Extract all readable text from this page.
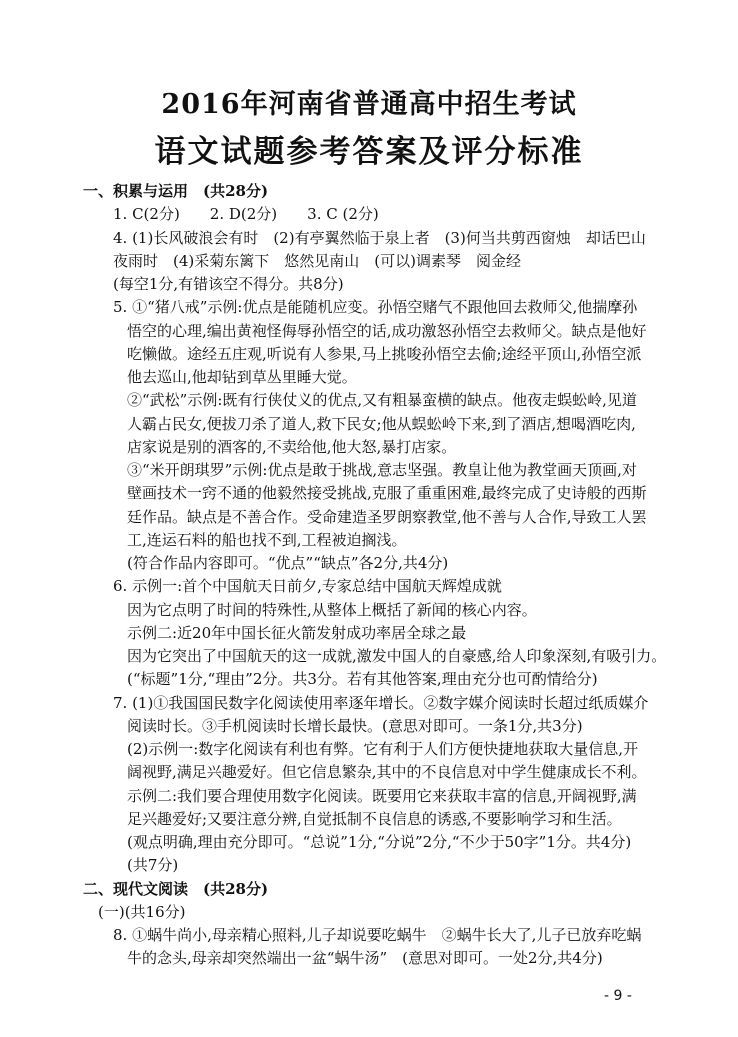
2016年河南省普通高中招生考试
语文试题参考答案及评分标准
一、积累与运用　(共28分)
1. C(2分)　　2. D(2分)　　3. C (2分)
4. (1)长风破浪会有时　(2)有亭翼然临于泉上者　(3)何当共剪西窗烛　却话巴山
夜雨时　(4)采菊东篱下　悠然见南山　(可以)调素琴　阅金经
(每空1分,有错该空不得分。共8分)
5. ①“猪八戒”示例:优点是能随机应变。孙悟空赌气不跟他回去救师父,他揣摩孙
悟空的心理,编出黄袍怪侮辱孙悟空的话,成功激怒孙悟空去救师父。缺点是他好
吃懒做。途经五庄观,听说有人参果,马上挑唆孙悟空去偷;途经平顶山,孙悟空派
他去巡山,他却钻到草丛里睡大觉。
②“武松”示例:既有行侠仗义的优点,又有粗暴蛮横的缺点。他夜走蜈蚣岭,见道
人霸占民女,便拔刀杀了道人,救下民女;他从蜈蚣岭下来,到了酒店,想喝酒吃肉,
店家说是别的酒客的,不卖给他,他大怒,暴打店家。
③“米开朗琪罗”示例:优点是敢于挑战,意志坚强。教皇让他为教堂画天顶画,对
壁画技术一窍不通的他毅然接受挑战,克服了重重困难,最终完成了史诗般的西斯
廷作品。缺点是不善合作。受命建造圣罗朗察教堂,他不善与人合作,导致工人罢
工,连运石料的船也找不到,工程被迫搁浅。
(符合作品内容即可。“优点”“缺点”各2分,共4分)
6. 示例一:首个中国航天日前夕,专家总结中国航天辉煌成就
因为它点明了时间的特殊性,从整体上概括了新闻的核心内容。
示例二:近20年中国长征火箭发射成功率居全球之最
因为它突出了中国航天的这一成就,激发中国人的自豪感,给人印象深刻,有吸引力。
(“标题”1分,“理由”2分。共3分。若有其他答案,理由充分也可酌情给分)
7. (1)①我国国民数字化阅读使用率逐年增长。②数字媒介阅读时长超过纸质媒介
阅读时长。③手机阅读时长增长最快。(意思对即可。一条1分,共3分)
(2)示例一:数字化阅读有利也有弊。它有利于人们方便快捷地获取大量信息,开
阔视野,满足兴趣爱好。但它信息繁杂,其中的不良信息对中学生健康成长不利。
示例二:我们要合理使用数字化阅读。既要用它来获取丰富的信息,开阔视野,满
足兴趣爱好;又要注意分辨,自觉抵制不良信息的诱惑,不要影响学习和生活。
(观点明确,理由充分即可。“总说”1分,“分说”2分,“不少于50字”1分。共4分)
(共7分)
二、现代文阅读　(共28分)
(一)(共16分)
8. ①蜗牛尚小,母亲精心照料,儿子却说要吃蜗牛　②蜗牛长大了,儿子已放弃吃蜗
牛的念头,母亲却突然端出一盆“蜗牛汤”　(意思对即可。一处2分,共4分)
- 9 -
